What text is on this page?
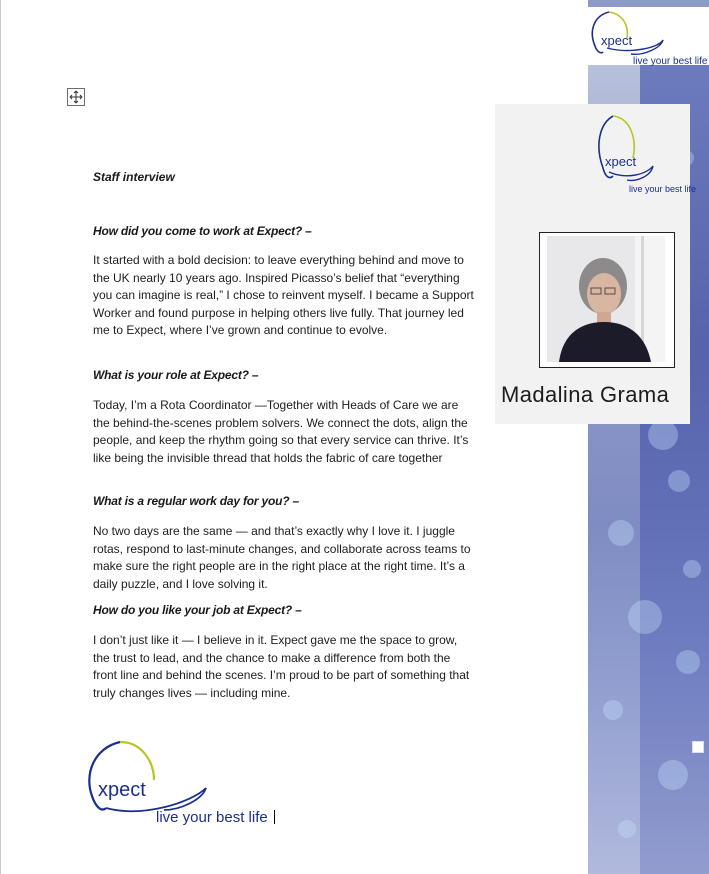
xpect
live your best life
xpect
live your best life
Madalina Grama
Staff interview
How did you come to work at Expect? –
It started with a bold decision: to leave everything behind and move to the UK nearly 10 years ago. Inspired Picasso’s belief that “everything you can imagine is real,” I chose to reinvent myself. I became a Support Worker and found purpose in helping others live fully. That journey led me to Expect, where I’ve grown and continue to evolve.
What is your role at Expect? –
Today, I’m a Rota Coordinator —Together with Heads of Care we are the behind-the-scenes problem solvers. We connect the dots, align the people, and keep the rhythm going so that every service can thrive. It’s like being the invisible thread that holds the fabric of care together
What is a regular work day for you? –
No two days are the same — and that’s exactly why I love it. I juggle rotas, respond to last-minute changes, and collaborate across teams to make sure the right people are in the right place at the right time. It’s a daily puzzle, and I love solving it.
How do you like your job at Expect? –
I don’t just like it — I believe in it. Expect gave me the space to grow, the trust to lead, and the chance to make a difference from both the front line and behind the scenes. I’m proud to be part of something that truly changes lives — including mine.
xpect
live your best life
